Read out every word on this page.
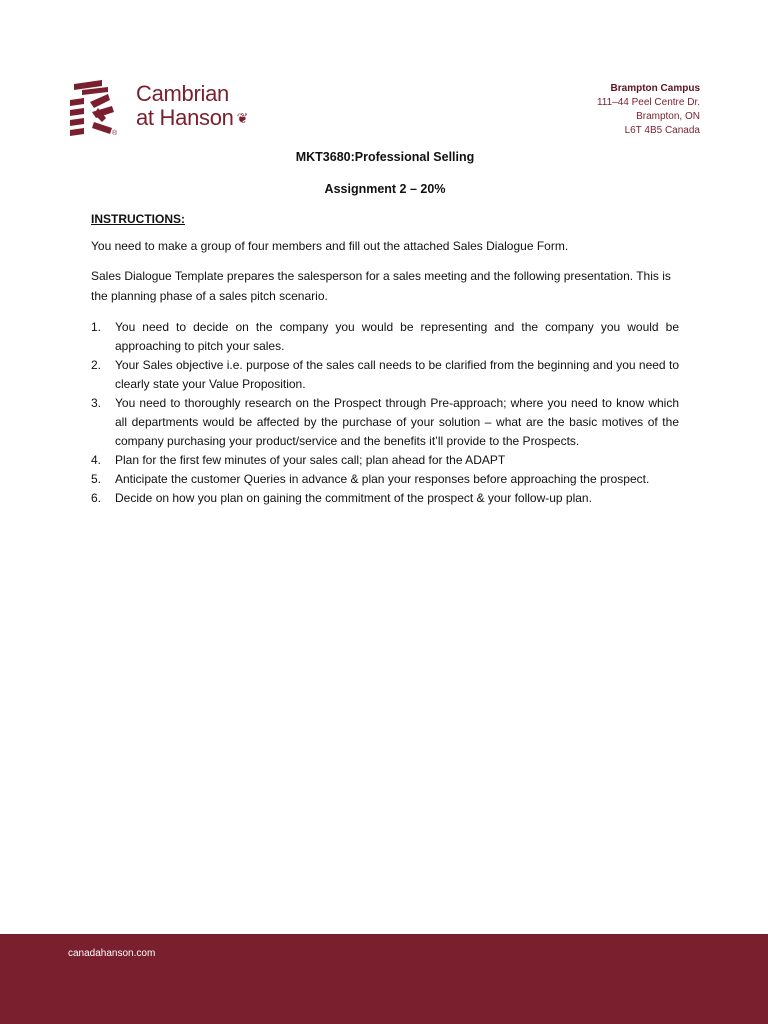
®
Cambrian
at Hanson ❦
Brampton Campus
111–44 Peel Centre Dr.
Brampton, ON
L6T 4B5 Canada

MKT3680:Professional Selling

Assignment 2 – 20%

INSTRUCTIONS:

You need to make a group of four members and fill out the attached Sales Dialogue Form.

Sales Dialogue Template prepares the salesperson for a sales meeting and the following presentation. This is the planning phase of a sales pitch scenario.

1. You need to decide on the company you would be representing and the company you would be approaching to pitch your sales.
2. Your Sales objective i.e. purpose of the sales call needs to be clarified from the beginning and you need to clearly state your Value Proposition.
3. You need to thoroughly research on the Prospect through Pre-approach; where you need to know which all departments would be affected by the purchase of your solution – what are the basic motives of the company purchasing your product/service and the benefits it’ll provide to the Prospects.
4. Plan for the first few minutes of your sales call; plan ahead for the ADAPT
5. Anticipate the customer Queries in advance & plan your responses before approaching the prospect.
6. Decide on how you plan on gaining the commitment of the prospect & your follow-up plan.
canadahanson.com
